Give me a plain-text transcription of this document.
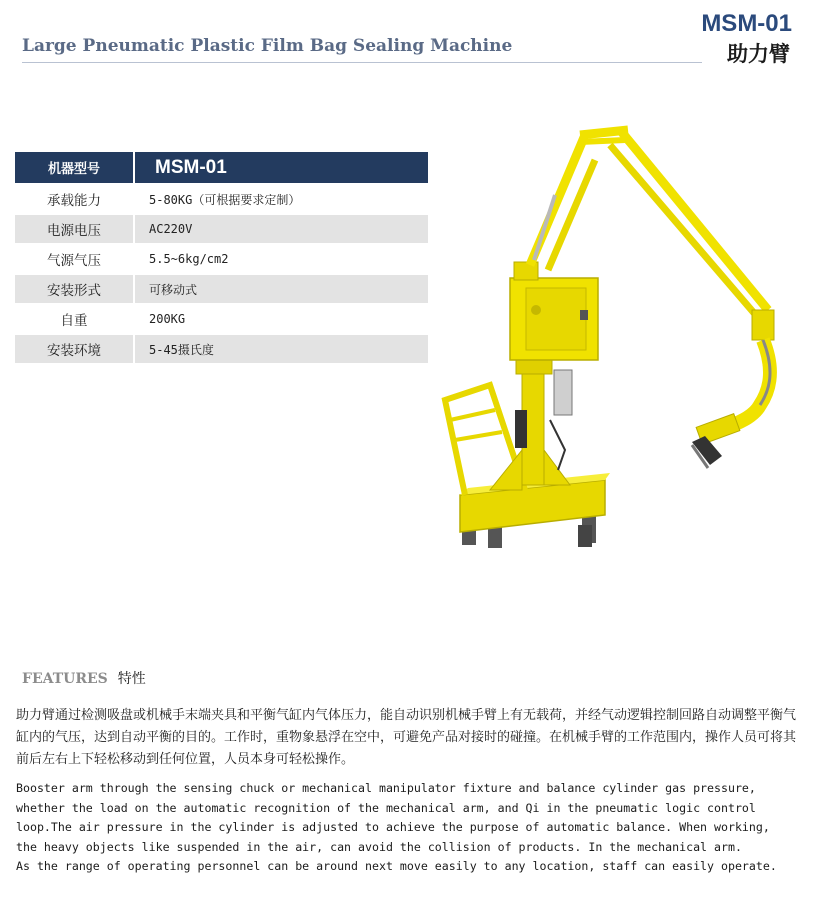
Large Pneumatic Plastic Film Bag Sealing Machine
MSM-01
助力臂
机器型号	MSM-01
承载能力	5-80KG（可根据要求定制）
电源电压	AC220V
气源气压	5.5~6kg/cm2
安装形式	可移动式
自重	200KG
安装环境	5-45摄氏度
FEATURES 特性
助力臂通过检测吸盘或机械手末端夹具和平衡气缸内气体压力，能自动识别机械手臂上有无载荷，并经气动逻辑控制回路自动调整平衡气缸内的气压，达到自动平衡的目的。工作时，重物象悬浮在空中，可避免产品对接时的碰撞。在机械手臂的工作范围内，操作人员可将其前后左右上下轻松移动到任何位置，人员本身可轻松操作。
Booster arm through the sensing chuck or mechanical manipulator fixture and balance cylinder gas pressure,
whether the load on the automatic recognition of the mechanical arm, and Qi in the pneumatic logic control
loop.The air pressure in the cylinder is adjusted to achieve the purpose of automatic balance. When working,
the heavy objects like suspended in the air, can avoid the collision of products. In the mechanical arm.
As the range of operating personnel can be around next move easily to any location, staff can easily operate.
